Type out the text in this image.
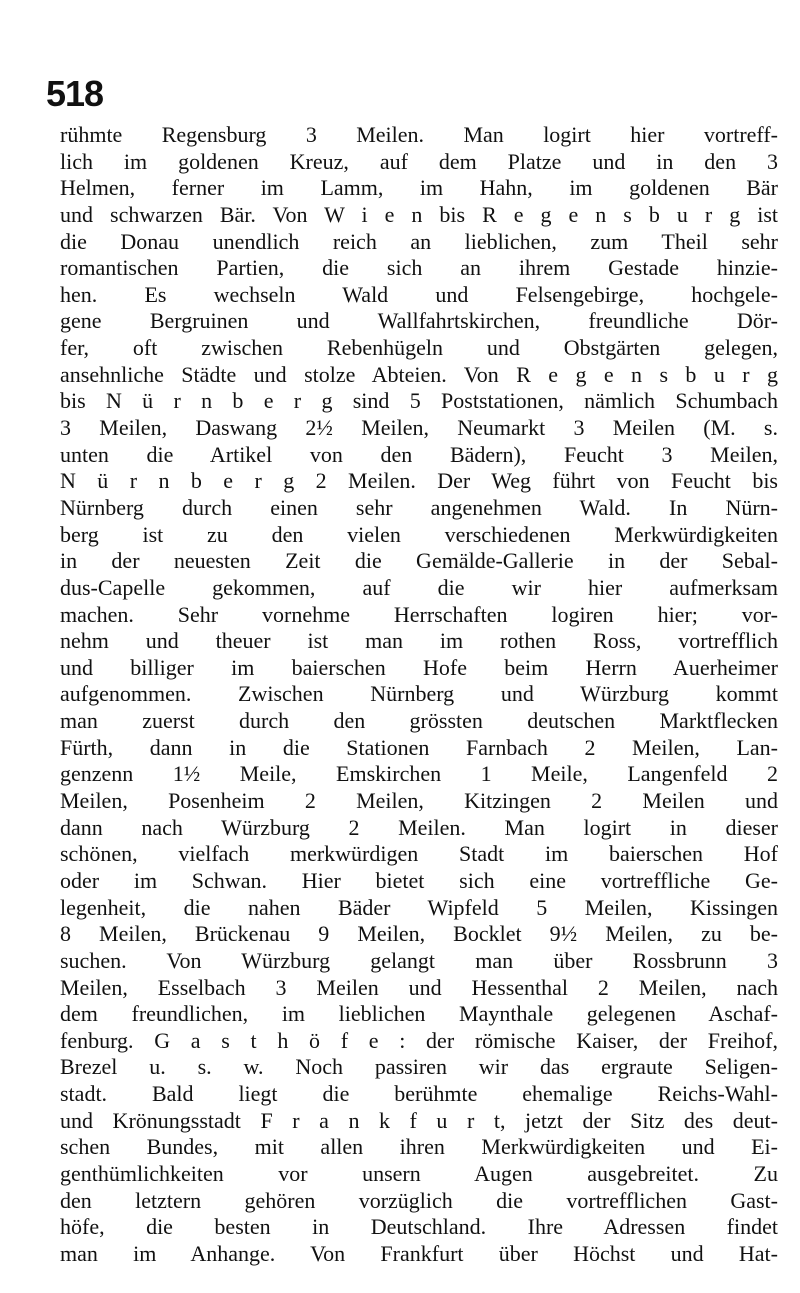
518
rühmte Regensburg 3 Meilen. Man logirt hier vortreff-
lich im goldenen Kreuz, auf dem Platze und in den 3
Helmen, ferner im Lamm, im Hahn, im goldenen Bär
und schwarzen Bär. Von W i e n bis R e g e n s b u r g ist
die Donau unendlich reich an lieblichen, zum Theil sehr
romantischen Partien, die sich an ihrem Gestade hinzie-
hen. Es wechseln Wald und Felsengebirge, hochgele-
gene Bergruinen und Wallfahrtskirchen, freundliche Dör-
fer, oft zwischen Rebenhügeln und Obstgärten gelegen,
ansehnliche Städte und stolze Abteien. Von R e g e n s b u r g
bis N ü r n b e r g sind 5 Poststationen, nämlich Schumbach
3 Meilen, Daswang 2½ Meilen, Neumarkt 3 Meilen (M. s.
unten die Artikel von den Bädern), Feucht 3 Meilen,
N ü r n b e r g 2 Meilen. Der Weg führt von Feucht bis
Nürnberg durch einen sehr angenehmen Wald. In Nürn-
berg ist zu den vielen verschiedenen Merkwürdigkeiten
in der neuesten Zeit die Gemälde-Gallerie in der Sebal-
dus-Capelle gekommen, auf die wir hier aufmerksam
machen. Sehr vornehme Herrschaften logiren hier; vor-
nehm und theuer ist man im rothen Ross, vortrefflich
und billiger im baierschen Hofe beim Herrn Auerheimer
aufgenommen. Zwischen Nürnberg und Würzburg kommt
man zuerst durch den grössten deutschen Marktflecken
Fürth, dann in die Stationen Farnbach 2 Meilen, Lan-
genzenn 1½ Meile, Emskirchen 1 Meile, Langenfeld 2
Meilen, Posenheim 2 Meilen, Kitzingen 2 Meilen und
dann nach Würzburg 2 Meilen. Man logirt in dieser
schönen, vielfach merkwürdigen Stadt im baierschen Hof
oder im Schwan. Hier bietet sich eine vortreffliche Ge-
legenheit, die nahen Bäder Wipfeld 5 Meilen, Kissingen
8 Meilen, Brückenau 9 Meilen, Bocklet 9½ Meilen, zu be-
suchen. Von Würzburg gelangt man über Rossbrunn 3
Meilen, Esselbach 3 Meilen und Hessenthal 2 Meilen, nach
dem freundlichen, im lieblichen Maynthale gelegenen Aschaf-
fenburg. G a s t h ö f e : der römische Kaiser, der Freihof,
Brezel u. s. w. Noch passiren wir das ergraute Seligen-
stadt. Bald liegt die berühmte ehemalige Reichs-Wahl-
und Krönungsstadt F r a n k f u r t, jetzt der Sitz des deut-
schen Bundes, mit allen ihren Merkwürdigkeiten und Ei-
genthümlichkeiten vor unsern Augen ausgebreitet. Zu
den letztern gehören vorzüglich die vortrefflichen Gast-
höfe, die besten in Deutschland. Ihre Adressen findet
man im Anhange. Von Frankfurt über Höchst und Hat-
